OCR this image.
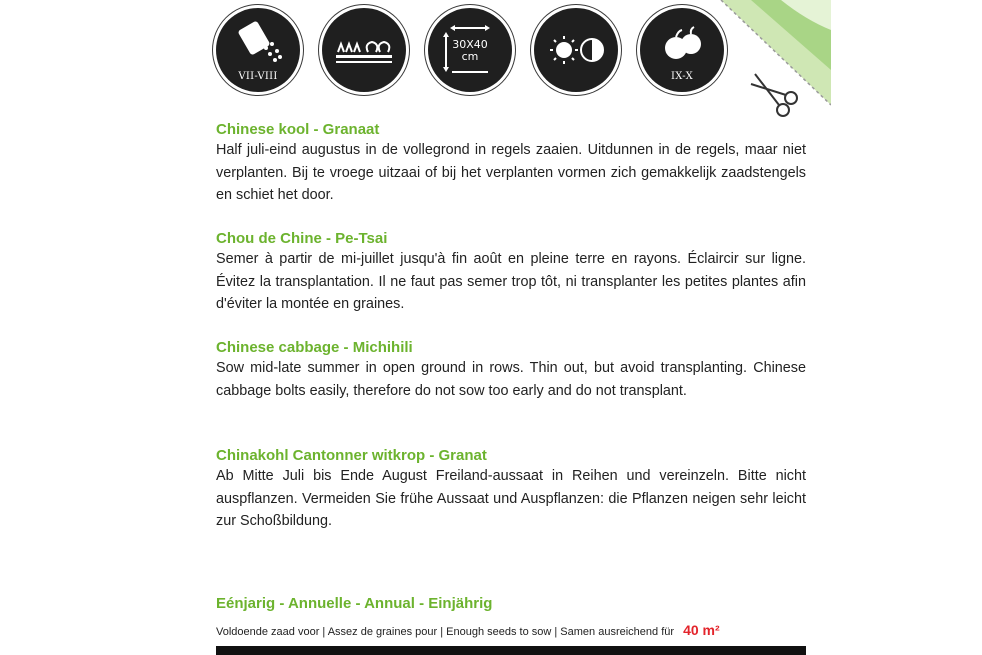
VII-VIII
30X40
cm
IX-X
Chinese kool - Granaat
Half juli-eind augustus in de vollegrond in regels zaaien. Uitdunnen in de regels, maar niet verplanten. Bij te vroege uitzaai of bij het verplanten vormen zich gemakkelijk zaadstengels en schiet het door.
Chou de Chine - Pe-Tsai
Semer à partir de mi-juillet jusqu'à fin août en pleine terre en rayons. Éclaircir sur ligne. Évitez la transplantation. Il ne faut pas semer trop tôt, ni transplanter les petites plantes afin d'éviter la montée en graines.
Chinese cabbage - Michihili
Sow mid-late summer in open ground in rows. Thin out, but avoid transplanting. Chinese cabbage bolts easily, therefore do not sow too early and do not transplant.
Chinakohl Cantonner witkrop - Granat
Ab Mitte Juli bis Ende August Freiland-aussaat in Reihen und vereinzeln. Bitte nicht auspflanzen. Vermeiden Sie frühe Aussaat und Auspflanzen: die Pflanzen neigen sehr leicht zur Schoßbildung.
Eénjarig - Annuelle - Annual - Einjährig
Voldoende zaad voor | Assez de graines pour | Enough seeds to sow | Samen ausreichend für 40 m²
